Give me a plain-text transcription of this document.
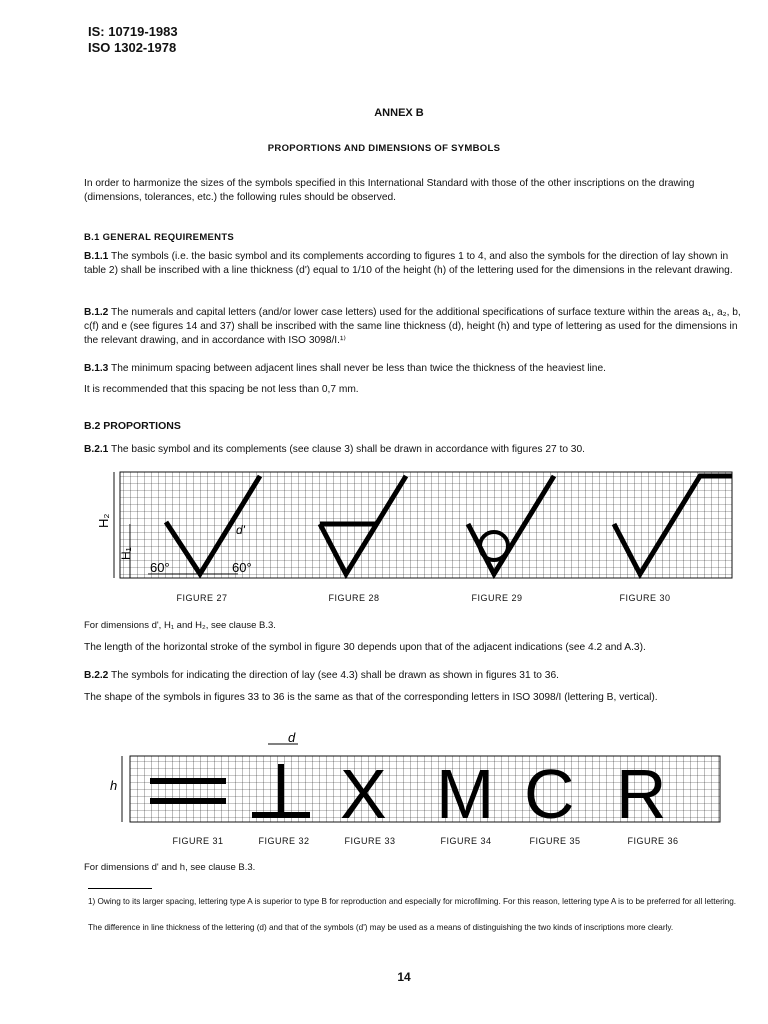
IS: 10719-1983
ISO 1302-1978
ANNEX B
PROPORTIONS AND DIMENSIONS OF SYMBOLS
In order to harmonize the sizes of the symbols specified in this International Standard with those of the other inscriptions on the drawing (dimensions, tolerances, etc.) the following rules should be observed.
B.1 GENERAL REQUIREMENTS
B.1.1 The symbols (i.e. the basic symbol and its complements according to figures 1 to 4, and also the symbols for the direction of lay shown in table 2) shall be inscribed with a line thickness (d') equal to 1/10 of the height (h) of the lettering used for the dimensions in the relevant drawing.
B.1.2 The numerals and capital letters (and/or lower case letters) used for the additional specifications of surface texture within the areas a₁, a₂, b, c(f) and e (see figures 14 and 37) shall be inscribed with the same line thickness (d), height (h) and type of lettering as used for the dimensions in the relevant drawing, and in accordance with ISO 3098/I.¹⁾
B.1.3 The minimum spacing between adjacent lines shall never be less than twice the thickness of the heaviest line.
It is recommended that this spacing be not less than 0,7 mm.
B.2 PROPORTIONS
B.2.1 The basic symbol and its complements (see clause 3) shall be drawn in accordance with figures 27 to 30.
H₂
H₁
60°	60°
d'
FIGURE 27	FIGURE 28	FIGURE 29	FIGURE 30
For dimensions d', H₁ and H₂, see clause B.3.
The length of the horizontal stroke of the symbol in figure 30 depends upon that of the adjacent indications (see 4.2 and A.3).
B.2.2 The symbols for indicating the direction of lay (see 4.3) shall be drawn as shown in figures 31 to 36.
The shape of the symbols in figures 33 to 36 is the same as that of the corresponding letters in ISO 3098/I (lettering B, vertical).
h
d
X M C R
FIGURE 31	FIGURE 32	FIGURE 33	FIGURE 34	FIGURE 35	FIGURE 36
For dimensions d' and h, see clause B.3.
1) Owing to its larger spacing, lettering type A is superior to type B for reproduction and especially for microfilming. For this reason, lettering type A is to be preferred for all lettering.
The difference in line thickness of the lettering (d) and that of the symbols (d') may be used as a means of distinguishing the two kinds of inscriptions more clearly.
14
